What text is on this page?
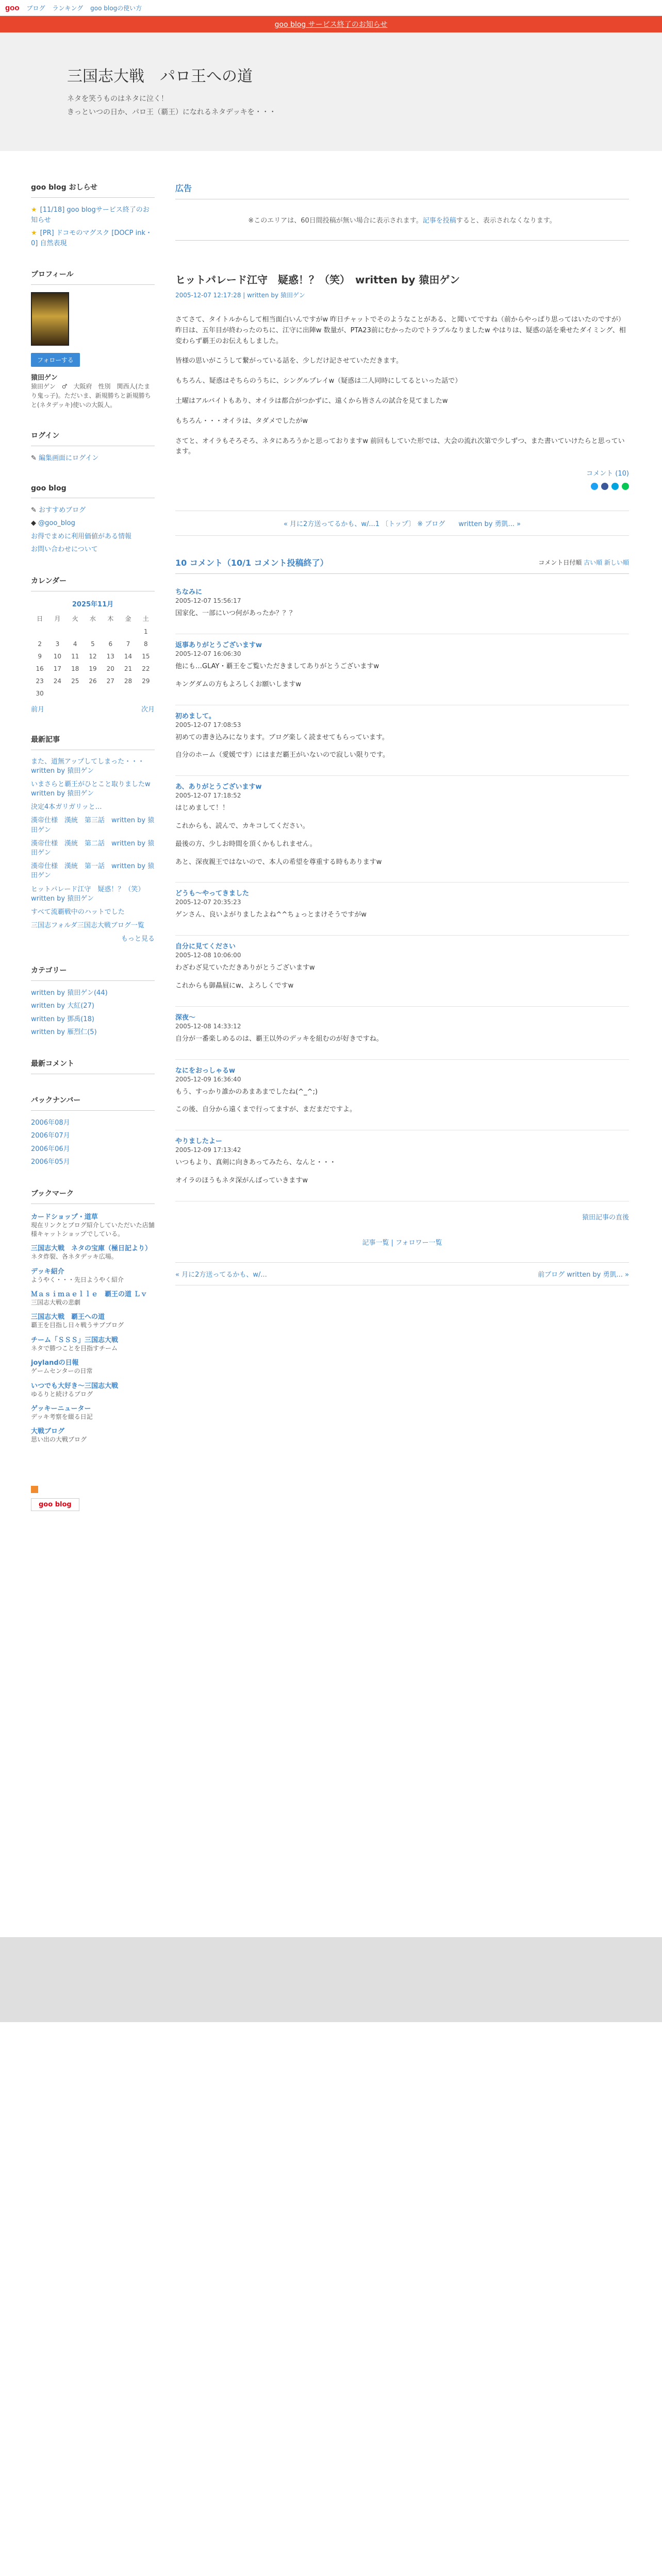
goo ブログ ランキング goo blogの使い方
goo blog サービス終了のお知らせ
三国志大戦　パロ王への道

ネタを笑うものはネタに泣く！

きっといつの日か、パロ王（覇王）になれるネタデッキを・・・

goo blog おしらせ
★ [11/18] goo blogサービス終了のお知らせ
★ [PR] ドコモのマグスク [DOCP ink・0] 自然表現
プロフィール
フォローする
猿田ゲン
猿田ゲン　♂　大阪府　性別　関西人(たまり鬼っ子)。ただいま、新規勝ちと新規勝ちと(ネタデッキ)使いの大阪人。
ログイン
✎ 編集画面にログイン
goo blog
✎ おすすめブログ
◆ @goo_blog
お得でまめに利用価値がある情報
お問い合わせについて
カレンダー
2025年11月
日	月	火	水	木	金	土
						1
2	3	4	5	6	7	8
9	10	11	12	13	14	15
16	17	18	19	20	21	22
23	24	25	26	27	28	29
30						
前月	次月
最新記事
また、道無アップしてしまった・・・　written by 猿田ゲン
いまさらと覇王がひとこと取りましたw　written by 猿田ゲン
決定4本ガリガリッと…
漢帝仕様　漢統　第三話　written by 猿田ゲン
漢帝仕様　漢統　第二話　written by 猿田ゲン
漢帝仕様　漢統　第一話　written by 猿田ゲン
ヒットパレード江守　疑惑！？（笑）　written by 猿田ゲン
すべて流覇戦中のハットでした
三国志フォルダ三国志大戦ブログ一覧
もっと見る
カテゴリー
written by 猿田ゲン(44)
written by 大紅(27)
written by 鄧禹(18)
written by 雁烈仁(5)
最新コメント
バックナンバー
2006年08月
2006年07月
2006年06月
2006年05月
ブックマーク
カードショップ・道草
現在リンクとブログ紹介していただいた店舗様キャットショップでしている。
三国志大戦　ネタの宝庫（極日記より）
ネタ炸裂、各ネタデッキ広場。
デッキ紹介
ようやく・・・先日ようやく紹介
Ｍａｓｉｍａｅｌｌｅ　覇王の道 Ｌｖ
三国志大戦の悲劇
三国志大戦　覇王への道
覇王を目指し日々戦うサブブログ
チーム「ＳＳＳ」三国志大戦
ネタで勝つことを目指すチーム
joylandの日報
ゲームセンターの日常
いつでも大好き～三国志大戦
ゆるりと続けるブログ
ゲッキーニューター
デッキ考察を綴る日記
大戦ブログ
思い出の大戦ブログ
広告
※このエリアは、60日間投稿が無い場合に表示されます。記事を投稿すると、表示されなくなります。
ヒットパレード江守　疑惑！？（笑）　written by 猿田ゲン
2005-12-07 12:17:28 | written by 猿田ゲン

さてさて、タイトルからして相当面白いんですがw 昨日チャットでそのようなことがある、と聞いてですね（前からやっぱり思ってはいたのですが）昨日は、五年目が終わったのちに、江守に出陣w 数量が、PTA23前にむかったのでトラブルなりましたw やはりは、疑惑の話を乗せたダイミング、相変わらず覇王のお伝えもしました。

皆様の思いがこうして繋がっている話を、少しだけ記させていただきます。

もちろん、疑惑はそちらのうちに、シングルプレイw（疑惑は二人同時にしてるといった話で）

土曜はアルバイトもあり、オイラは都合がつかずに、遠くから皆さんの試合を見てましたw

もちろん・・・オイラは、タダメでしたがw

さてと、オイラもそろそろ、ネタにあろうかと思っておりますw 前回もしていた形では、大会の流れ次第で少しずつ、また書いていけたらと思っています。

コメント (10)
« 月に2方送ってるかも、w/...1 〔トップ〕 ※ ブログ　　written by 勇凱... »
10 コメント（10/1 コメント投稿終了）	コメント日付順 古い順 新しい順
ちなみに
2005-12-07 15:56:17

国家化、一部にいつ何があったか？？？

返事ありがとうございますw
2005-12-07 16:06:30

他にも…GLAY・覇王をご覧いただきましてありがとうございますw

キングダムの方もよろしくお願いしますw

初めまして。
2005-12-07 17:08:53

初めての書き込みになります。ブログ楽しく読ませてもらっています。

自分のホーム（愛媛です）にはまだ覇王がいないので寂しい限りです。

あ、ありがとうございますw
2005-12-07 17:18:52

はじめまして！！

これからも、読んで、カキコしてください。

最後の方、少しお時間を頂くかもしれません。

あと、深夜親王ではないので、本人の希望を尊重する時もありますw

どうも～やってきました
2005-12-07 20:35:23

ゲンさん、良いよがりましたよね^^ちょっとまけそうですがw

自分に見てください
2005-12-08 10:06:00

わざわざ見ていただきありがとうございますw

これからも御贔屓にw、よろしくですw

深夜～
2005-12-08 14:33:12

自分が一番楽しめるのは、覇王以外のデッキを組むのが好きですね。

なにをおっしゃるw
2005-12-09 16:36:40

もう、すっかり誰かのあまあまでしたね(^_^;)

この後、自分から遠くまで行ってますが、まだまだですよ。

やりましたよー
2005-12-09 17:13:42

いつもより、真剣に向きあってみたら、なんと・・・

オイラのほうもネタ深がんばっていきますw

猿田記事の直後
記事一覧 | フォロワー一覧
« 月に2方送ってるかも、w/...	前ブログ written by 勇凱... »
goo blog
